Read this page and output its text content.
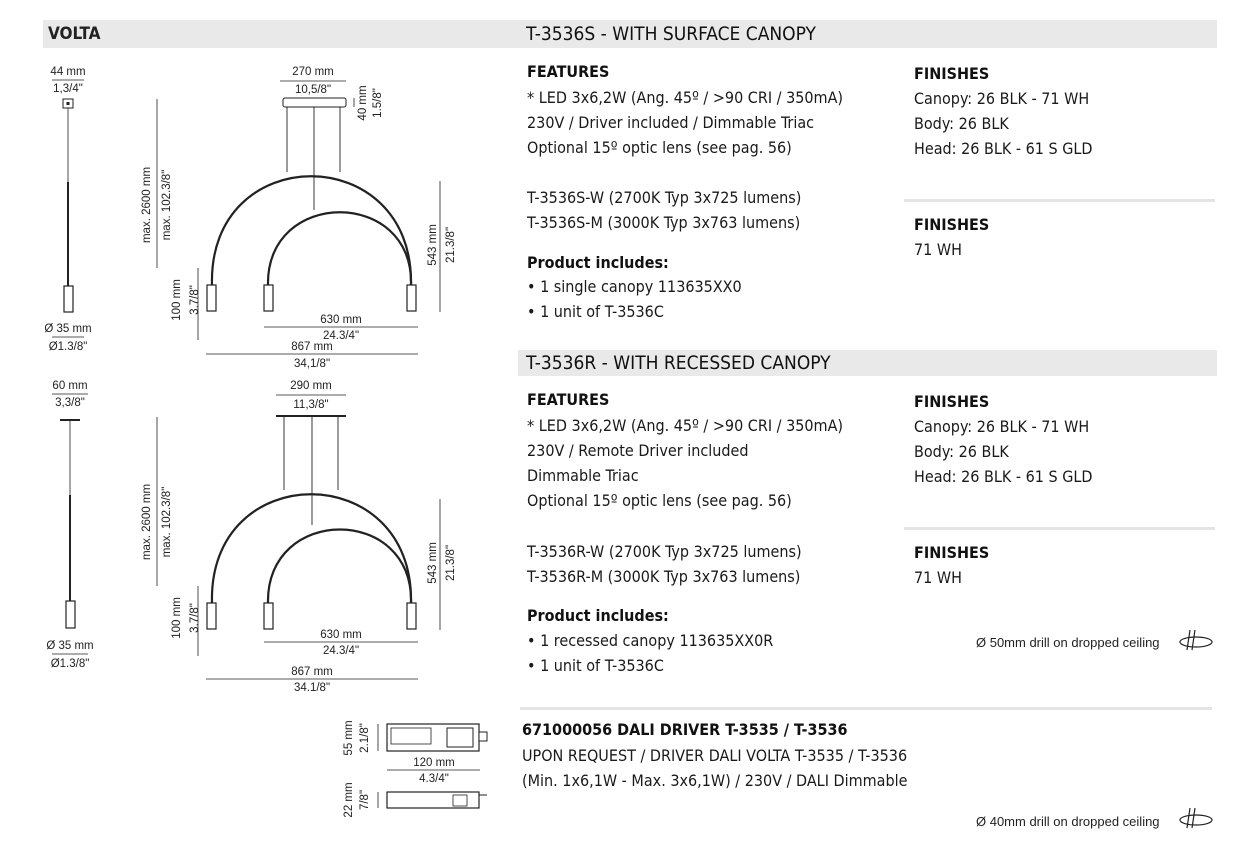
VOLTA	T-3536S - WITH SURFACE CANOPY
FEATURES
* LED 3x6,2W (Ang. 45º / >90 CRI / 350mA)
230V / Driver included / Dimmable Triac
Optional 15º optic lens (see pag. 56)
T-3536S-W (2700K Typ 3x725 lumens)
T-3536S-M (3000K Typ 3x763 lumens)
Product includes:
• 1 single canopy 113635XX0
• 1 unit of T-3536C
FINISHES
Canopy: 26 BLK - 71 WH
Body: 26 BLK
Head: 26 BLK - 61 S GLD
FINISHES
71 WH
T-3536R - WITH RECESSED CANOPY
FEATURES
* LED 3x6,2W (Ang. 45º / >90 CRI / 350mA)
230V / Remote Driver included
Dimmable Triac
Optional 15º optic lens (see pag. 56)
T-3536R-W (2700K Typ 3x725 lumens)
T-3536R-M (3000K Typ 3x763 lumens)
Product includes:
• 1 recessed canopy 113635XX0R
• 1 unit of T-3536C
FINISHES
Canopy: 26 BLK - 71 WH
Body: 26 BLK
Head: 26 BLK - 61 S GLD
FINISHES
71 WH
Ø 50mm drill on dropped ceiling
671000056 DALI DRIVER T-3535 / T-3536
UPON REQUEST / DRIVER DALI VOLTA T-3535 / T-3536
(Min. 1x6,1W - Max. 3x6,1W) / 230V / DALI Dimmable
Ø 40mm drill on dropped ceiling
44 mm
1,3/4"
Ø 35 mm
Ø1.3/8"
270 mm
10,5/8" 40 mm 1.5/8"
max. 2600 mm max. 102.3/8"
100 mm 3.7/8"
543 mm 21.3/8"
630 mm
24.3/4"
867 mm
34,1/8"
60 mm
3,3/8"
Ø 35 mm
Ø1.3/8"
290 mm
11,3/8"
max. 2600 mm max. 102.3/8"
100 mm 3.7/8"
543 mm 21.3/8"
630 mm
24.3/4"
867 mm
34.1/8"
55 mm 2.1/8"
120 mm
4.3/4"
22 mm 7/8"
